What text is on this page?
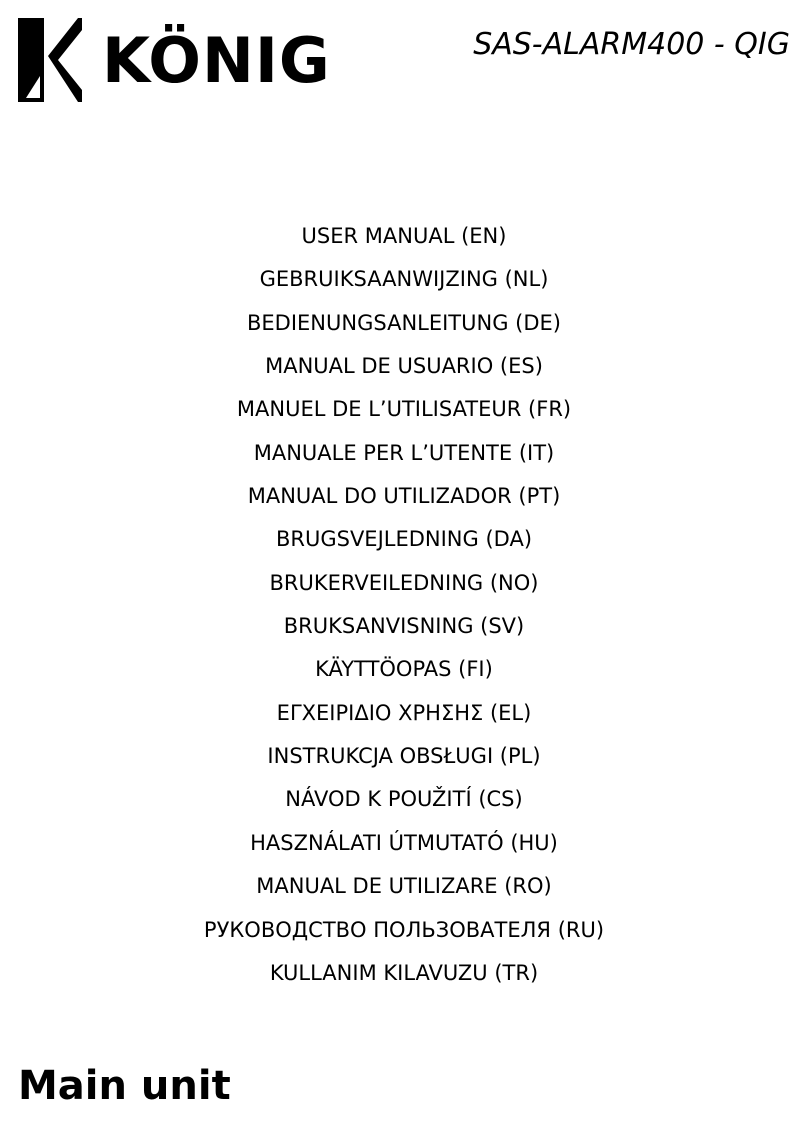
KÖNIG	SAS-ALARM400 - QIG
USER MANUAL (EN)
GEBRUIKSAANWIJZING (NL)
BEDIENUNGSANLEITUNG (DE)
MANUAL DE USUARIO (ES)
MANUEL DE L’UTILISATEUR (FR)
MANUALE PER L’UTENTE (IT)
MANUAL DO UTILIZADOR (PT)
BRUGSVEJLEDNING (DA)
BRUKERVEILEDNING (NO)
BRUKSANVISNING (SV)
KÄYTTÖOPAS (FI)
ΕΓΧΕΙΡΙΔΙΟ ΧΡΗΣΗΣ (EL)
INSTRUKCJA OBSŁUGI (PL)
NÁVOD K POUŽITÍ (CS)
HASZNÁLATI ÚTMUTATÓ (HU)
MANUAL DE UTILIZARE (RO)
РУКОВОДСТВО ПОЛЬЗОВАТЕЛЯ (RU)
KULLANIM KILAVUZU (TR)
Main unit
